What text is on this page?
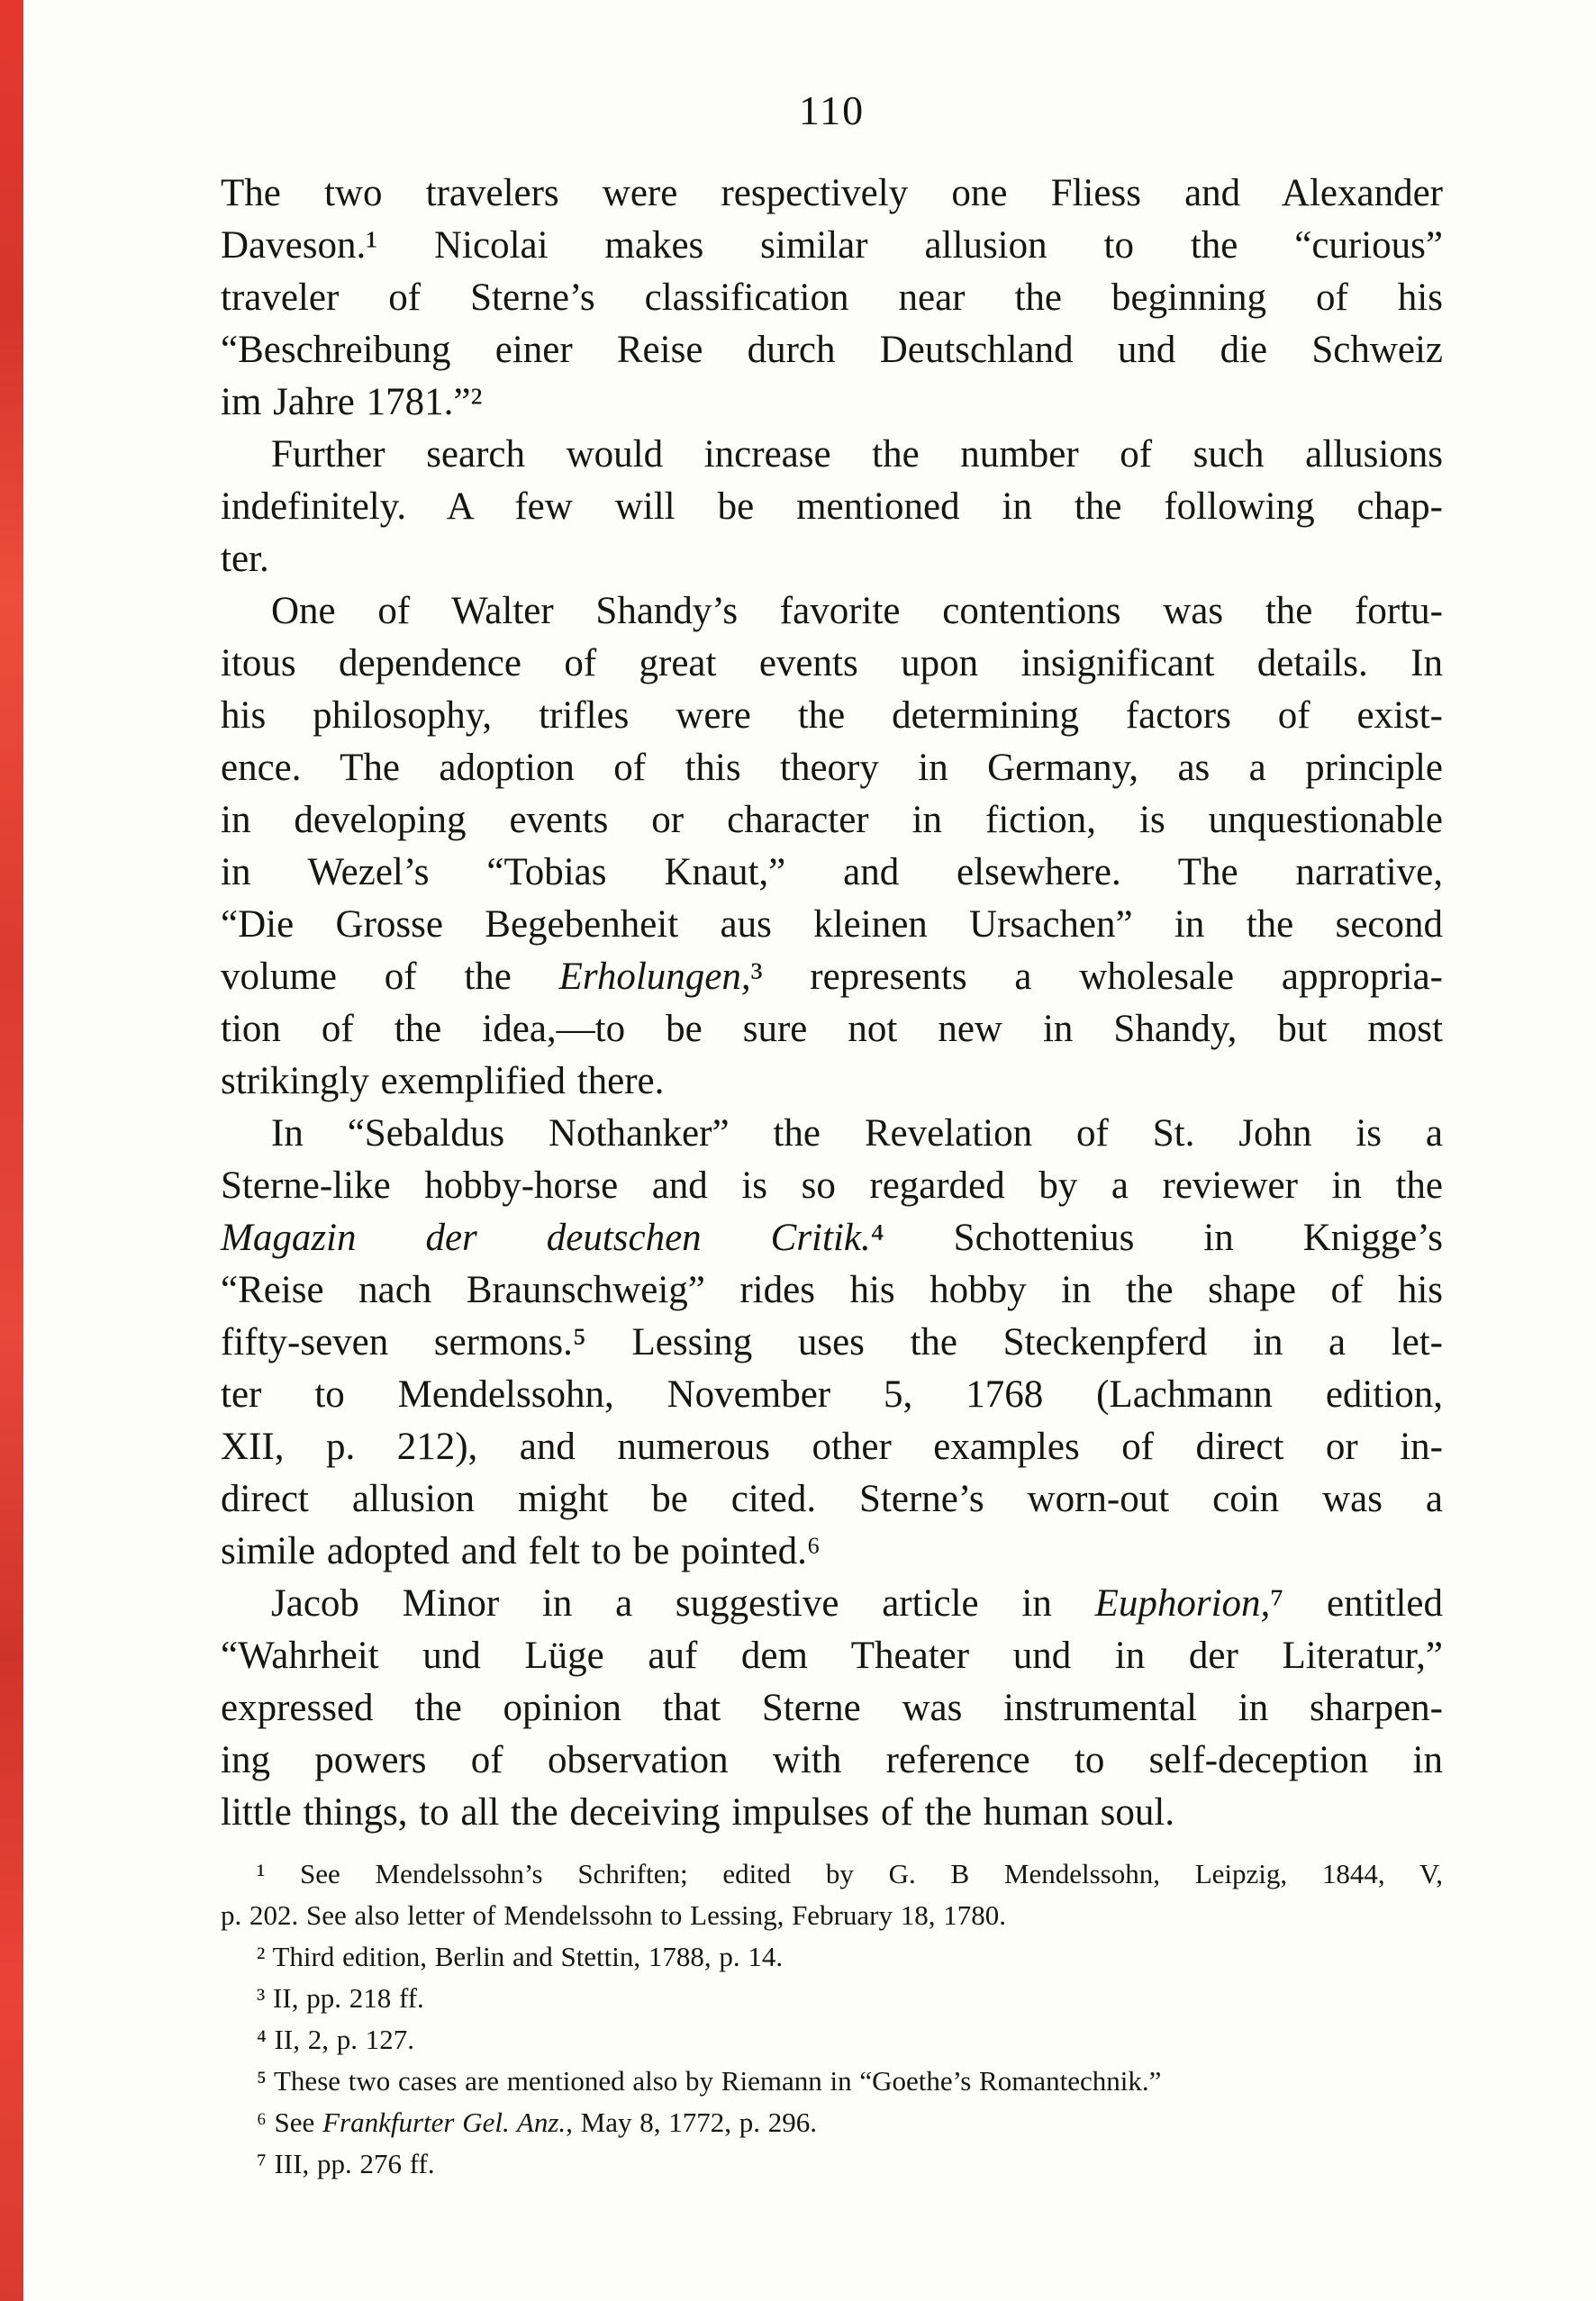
110
The two travelers were respectively one Fliess and Alexander
Daveson.¹ Nicolai makes similar allusion to the “curious”
traveler of Sterne’s classification near the beginning of his
“Beschreibung einer Reise durch Deutschland und die Schweiz
im Jahre 1781.”²
Further search would increase the number of such allusions
indefinitely. A few will be mentioned in the following chap-
ter.
One of Walter Shandy’s favorite contentions was the fortu-
itous dependence of great events upon insignificant details. In
his philosophy, trifles were the determining factors of exist-
ence. The adoption of this theory in Germany, as a principle
in developing events or character in fiction, is unquestionable
in Wezel’s “Tobias Knaut,” and elsewhere. The narrative,
“Die Grosse Begebenheit aus kleinen Ursachen” in the second
volume of the Erholungen,³ represents a wholesale appropria-
tion of the idea,—to be sure not new in Shandy, but most
strikingly exemplified there.
In “Sebaldus Nothanker” the Revelation of St. John is a
Sterne-like hobby-horse and is so regarded by a reviewer in the
Magazin der deutschen Critik.⁴ Schottenius in Knigge’s
“Reise nach Braunschweig” rides his hobby in the shape of his
fifty-seven sermons.⁵ Lessing uses the Steckenpferd in a let-
ter to Mendelssohn, November 5, 1768 (Lachmann edition,
XII, p. 212), and numerous other examples of direct or in-
direct allusion might be cited. Sterne’s worn-out coin was a
simile adopted and felt to be pointed.⁶
Jacob Minor in a suggestive article in Euphorion,⁷ entitled
“Wahrheit und Lüge auf dem Theater und in der Literatur,”
expressed the opinion that Sterne was instrumental in sharpen-
ing powers of observation with reference to self-deception in
little things, to all the deceiving impulses of the human soul.
¹ See Mendelssohn’s Schriften; edited by G. B Mendelssohn, Leipzig, 1844, V,
p. 202. See also letter of Mendelssohn to Lessing, February 18, 1780.
² Third edition, Berlin and Stettin, 1788, p. 14.
³ II, pp. 218 ff.
⁴ II, 2, p. 127.
⁵ These two cases are mentioned also by Riemann in “Goethe’s Romantechnik.”
⁶ See Frankfurter Gel. Anz., May 8, 1772, p. 296.
⁷ III, pp. 276 ff.
